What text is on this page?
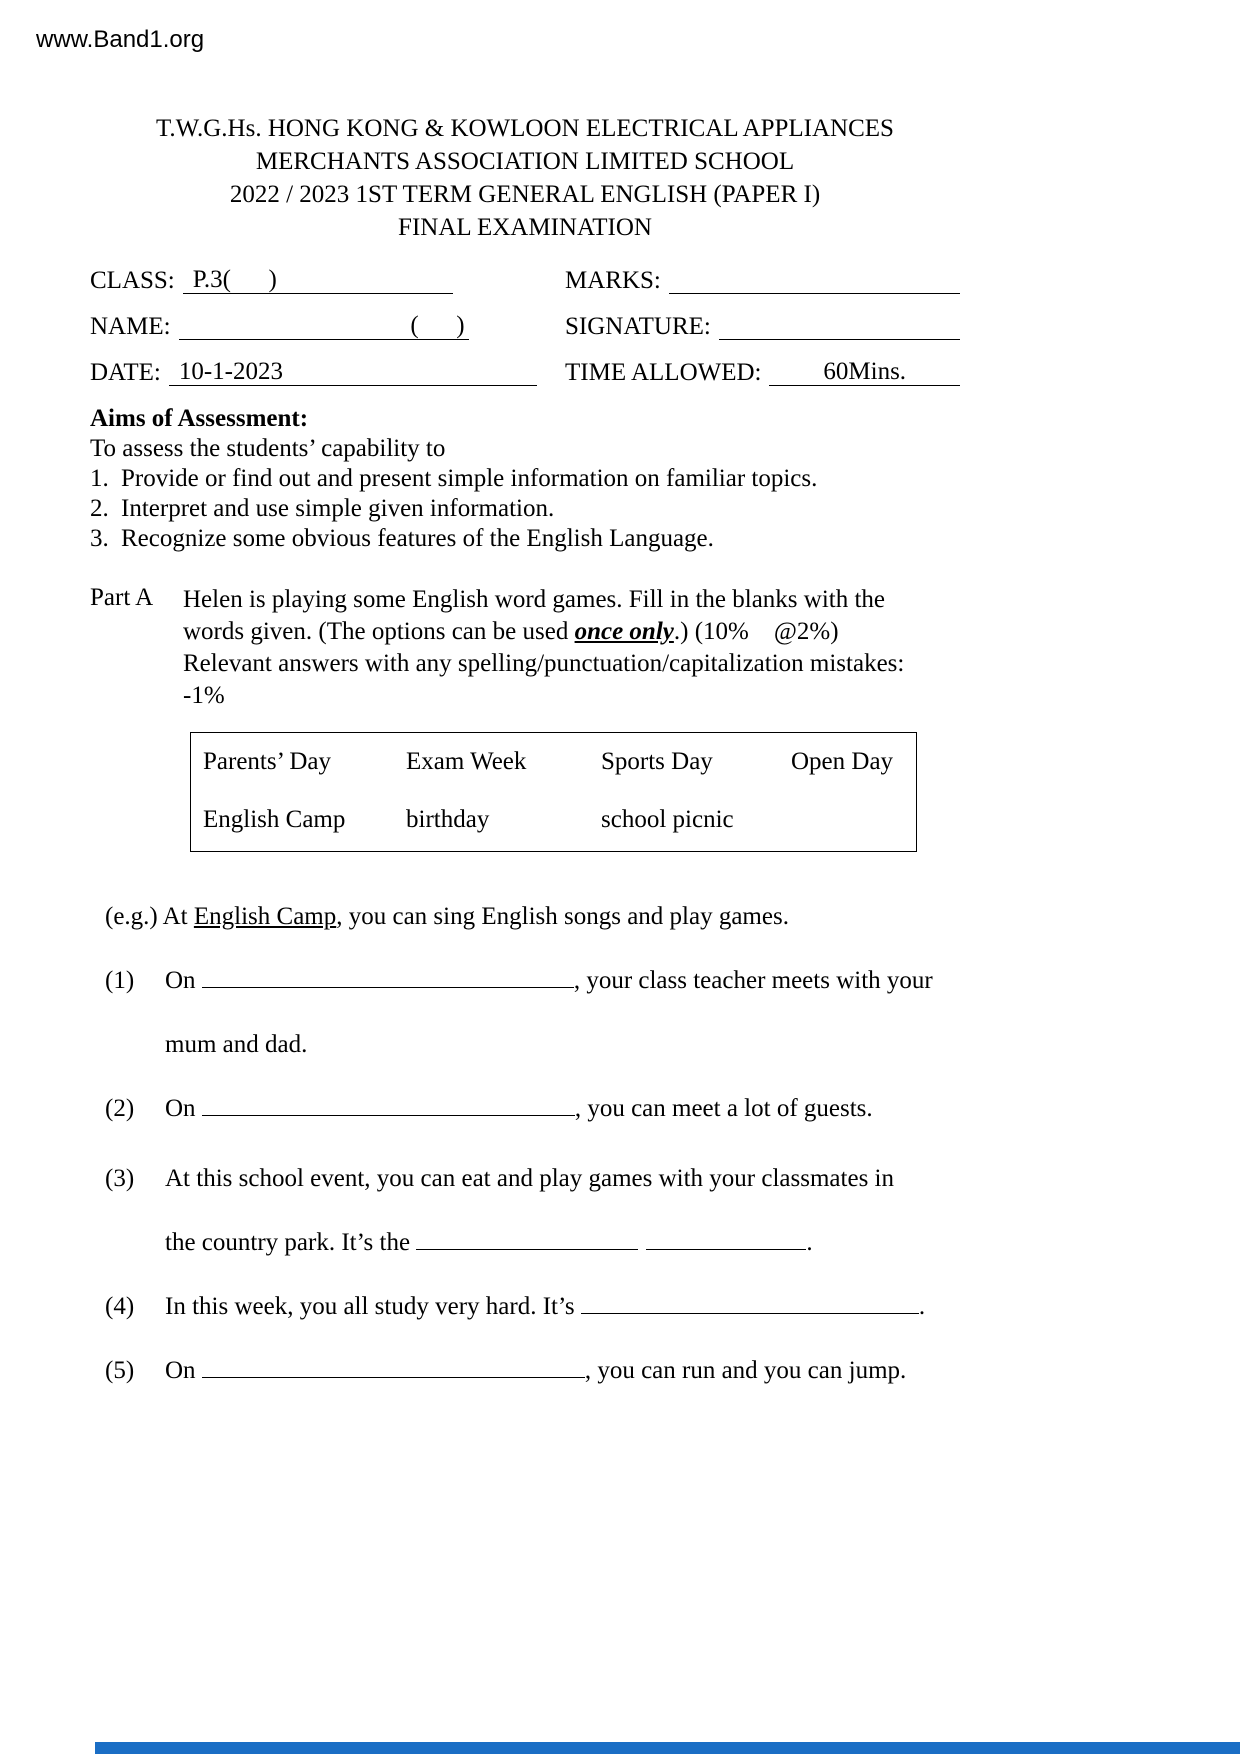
www.Band1.org
T.W.G.Hs. HONG KONG & KOWLOON ELECTRICAL APPLIANCES
MERCHANTS ASSOCIATION LIMITED SCHOOL
2022 / 2023 1ST TERM GENERAL ENGLISH (PAPER I)
FINAL EXAMINATION
CLASS: P.3(      )	MARKS:
NAME:	(      )	SIGNATURE:
DATE: 10-1-2023	TIME ALLOWED:	60Mins.
Aims of Assessment:
To assess the students’ capability to
1. Provide or find out and present simple information on familiar topics.
2. Interpret and use simple given information.
3. Recognize some obvious features of the English Language.
Part A	Helen is playing some English word games. Fill in the blanks with the
words given. (The options can be used once only.) (10%    @2%)
Relevant answers with any spelling/punctuation/capitalization mistakes:
-1%
Parents’ Day	Exam Week	Sports Day	Open Day
English Camp	birthday	school picnic
(e.g.) At English Camp, you can sing English songs and play games.
(1)	On	, your class teacher meets with your
mum and dad.
(2)	On	, you can meet a lot of guests.
(3)	At this school event, you can eat and play games with your classmates in
the country park. It’s the	.
(4)	In this week, you all study very hard. It’s	.
(5)	On	, you can run and you can jump.
